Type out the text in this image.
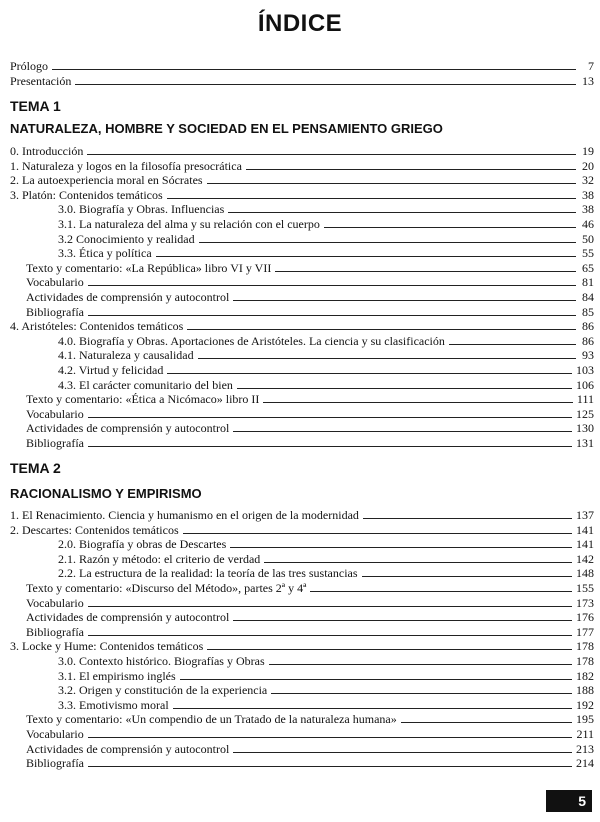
ÍNDICE
Prólogo	7
Presentación	13
TEMA 1
NATURALEZA, HOMBRE Y SOCIEDAD EN EL PENSAMIENTO GRIEGO
0. Introducción	19
1. Naturaleza y logos en la filosofía presocrática	20
2. La autoexperiencia moral en Sócrates	32
3. Platón: Contenidos temáticos	38
3.0. Biografía y Obras. Influencias	38
3.1. La naturaleza del alma y su relación con el cuerpo	46
3.2 Conocimiento y realidad	50
3.3. Ética y política	55
Texto y comentario: «La República» libro VI y VII	65
Vocabulario	81
Actividades de comprensión y autocontrol	84
Bibliografía	85
4. Aristóteles: Contenidos temáticos	86
4.0. Biografía y Obras. Aportaciones de Aristóteles. La ciencia y su clasificación	86
4.1. Naturaleza y causalidad	93
4.2. Virtud y felicidad	103
4.3. El carácter comunitario del bien	106
Texto y comentario: «Ética a Nicómaco» libro II	111
Vocabulario	125
Actividades de comprensión y autocontrol	130
Bibliografía	131
TEMA 2
RACIONALISMO Y EMPIRISMO
1. El Renacimiento. Ciencia y humanismo en el origen de la modernidad	137
2. Descartes: Contenidos temáticos	141
2.0. Biografía y obras de Descartes	141
2.1. Razón y método: el criterio de verdad	142
2.2. La estructura de la realidad: la teoría de las tres sustancias	148
Texto y comentario: «Discurso del Método», partes 2ª y 4ª	155
Vocabulario	173
Actividades de comprensión y autocontrol	176
Bibliografía	177
3. Locke y Hume: Contenidos temáticos	178
3.0. Contexto histórico. Biografías y Obras	178
3.1. El empirismo inglés	182
3.2. Origen y constitución de la experiencia	188
3.3. Emotivismo moral	192
Texto y comentario: «Un compendio de un Tratado de la naturaleza humana»	195
Vocabulario	211
Actividades de comprensión y autocontrol	213
Bibliografía	214
5
